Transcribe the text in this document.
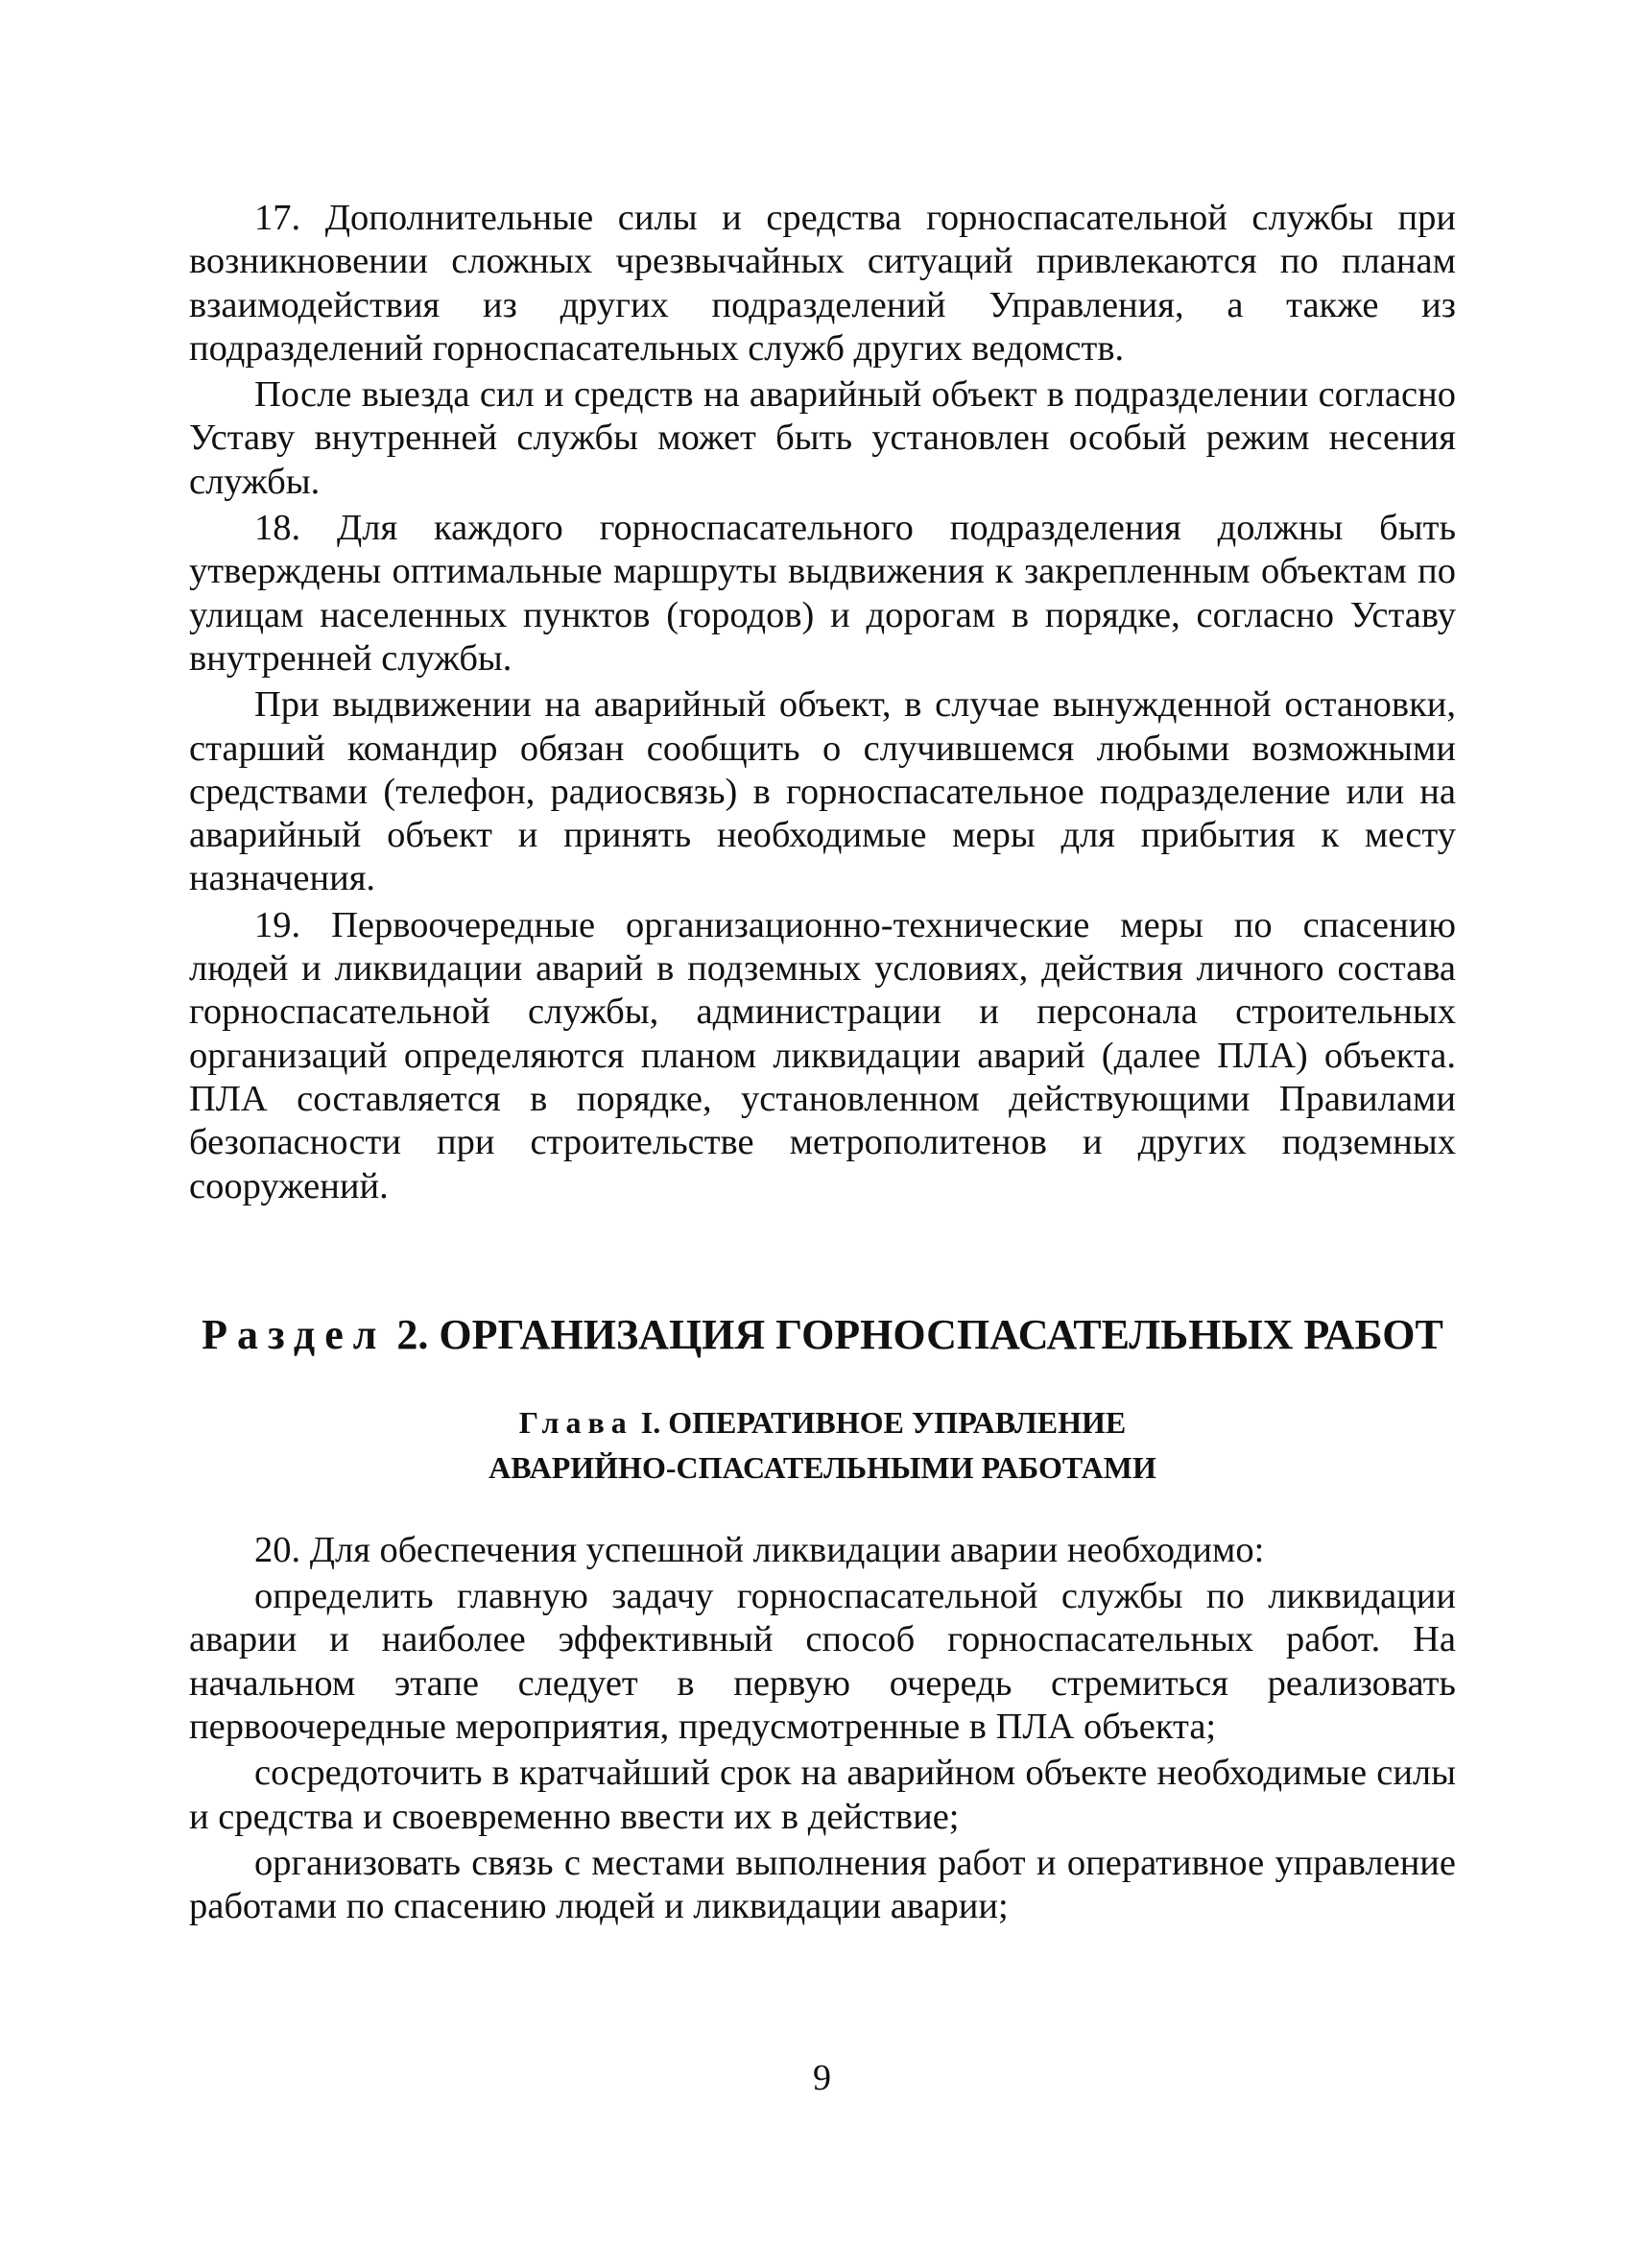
17. Дополнительные силы и средства горноспасательной службы при возникновении сложных чрезвычайных ситуаций привлекаются по планам взаимодействия из других подразделений Управления, а также из подразделений горноспасательных служб других ведомств.

После выезда сил и средств на аварийный объект в подразделении согласно Уставу внутренней службы может быть установлен особый режим несения службы.

18. Для каждого горноспасательного подразделения должны быть утверждены оптимальные маршруты выдвижения к закрепленным объектам по улицам населенных пунктов (городов) и дорогам в порядке, согласно Уставу внутренней службы.

При выдвижении на аварийный объект, в случае вынужденной остановки, старший командир обязан сообщить о случившемся любыми возможными средствами (телефон, радиосвязь) в горноспасательное подразделение или на аварийный объект и принять необходимые меры для прибытия к месту назначения.

19. Первоочередные организационно-технические меры по спасению людей и ликвидации аварий в подземных условиях, действия личного состава горноспасательной службы, администрации и персонала строительных организаций определяются планом ликвидации аварий (далее ПЛА) объекта. ПЛА составляется в порядке, установленном действующими Правилами безопасности при строительстве метрополитенов и других подземных сооружений.

Раздел 2. ОРГАНИЗАЦИЯ ГОРНОСПАСАТЕЛЬНЫХ РАБОТ
Глава I. ОПЕРАТИВНОЕ УПРАВЛЕНИЕ
АВАРИЙНО-СПАСАТЕЛЬНЫМИ РАБОТАМИ

20. Для обеспечения успешной ликвидации аварии необходимо:

определить главную задачу горноспасательной службы по ликвидации аварии и наиболее эффективный способ горноспасательных работ. На начальном этапе следует в первую очередь стремиться реализовать первоочередные мероприятия, предусмотренные в ПЛА объекта;

сосредоточить в кратчайший срок на аварийном объекте необходимые силы и средства и своевременно ввести их в действие;

организовать связь с местами выполнения работ и оперативное управление работами по спасению людей и ликвидации аварии;

9
